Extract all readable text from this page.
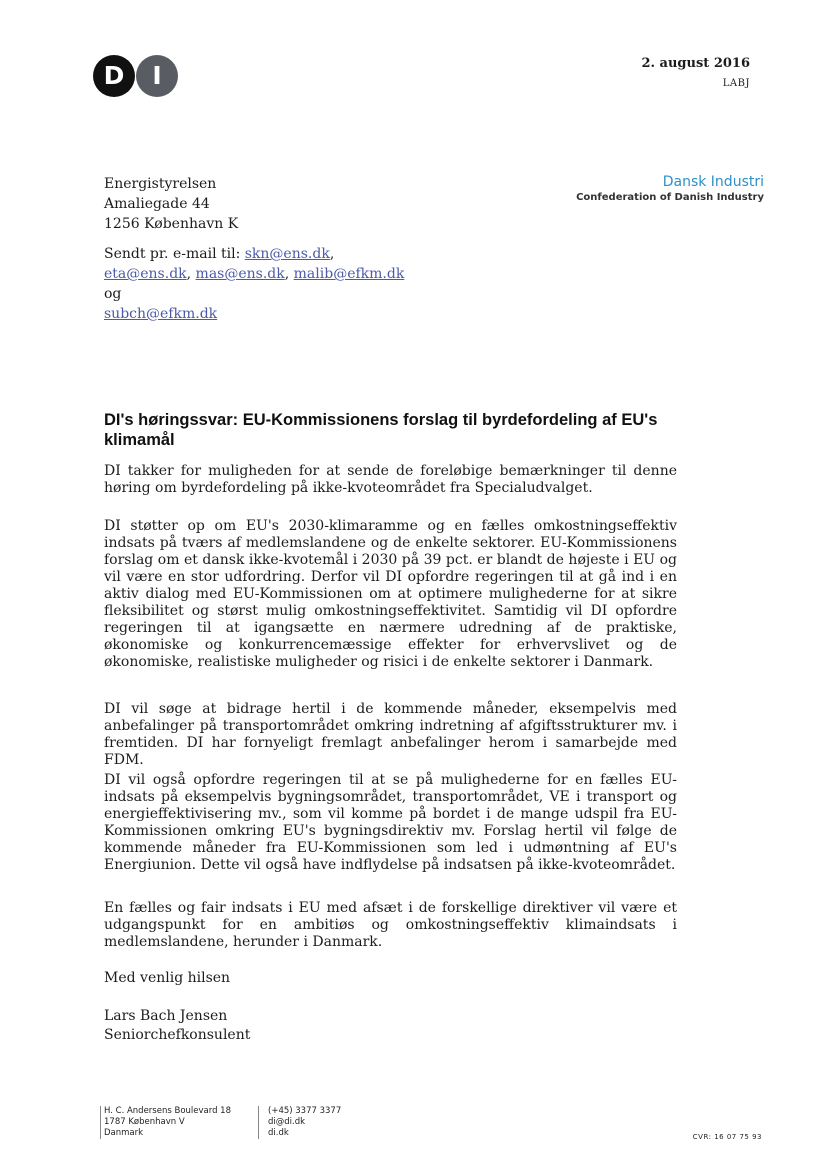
D	I	2. august 2016
LABJ
Dansk Industri
Confederation of Danish Industry
Energistyrelsen
Amaliegade 44
1256 København K
Sendt pr. e-mail til: skn@ens.dk, eta@ens.dk, mas@ens.dk, malib@efkm.dk og
subch@efkm.dk
DI's høringssvar: EU-Kommissionens forslag til byrdefordeling af EU's klimamål
DI takker for muligheden for at sende de foreløbige bemærkninger til denne høring om byrdefordeling på ikke-kvoteområdet fra Specialudvalget.
DI støtter op om EU's 2030-klimaramme og en fælles omkostningseffektiv indsats på tværs af medlemslandene og de enkelte sektorer. EU-Kommissionens forslag om et dansk ikke-kvotemål i 2030 på 39 pct. er blandt de højeste i EU og vil være en stor udfordring. Derfor vil DI opfordre regeringen til at gå ind i en aktiv dialog med EU-Kommissionen om at optimere mulighederne for at sikre fleksibilitet og størst mulig omkostningseffektivitet. Samtidig vil DI opfordre regeringen til at igangsætte en nærmere udredning af de praktiske, økonomiske og konkurrencemæssige effekter for erhvervslivet og de økonomiske, realistiske muligheder og risici i de enkelte sektorer i Danmark.
DI vil søge at bidrage hertil i de kommende måneder, eksempelvis med anbefalinger på transportområdet omkring indretning af afgiftsstrukturer mv. i fremtiden. DI har fornyeligt fremlagt anbefalinger herom i samarbejde med FDM.
DI vil også opfordre regeringen til at se på mulighederne for en fælles EU-indsats på eksempelvis bygningsområdet, transportområdet, VE i transport og energieffektivisering mv., som vil komme på bordet i de mange udspil fra EU-Kommissionen omkring EU's bygningsdirektiv mv. Forslag hertil vil følge de kommende måneder fra EU-Kommissionen som led i udmøntning af EU's Energiunion. Dette vil også have indflydelse på indsatsen på ikke-kvoteområdet.
En fælles og fair indsats i EU med afsæt i de forskellige direktiver vil være et udgangspunkt for en ambitiøs og omkostningseffektiv klimaindsats i medlemslandene, herunder i Danmark.
Med venlig hilsen
Lars Bach Jensen
Seniorchefkonsulent
H. C. Andersens Boulevard 18
1787 København V
Danmark
(+45) 3377 3377
di@di.dk
di.dk	CVR: 16 07 75 93
